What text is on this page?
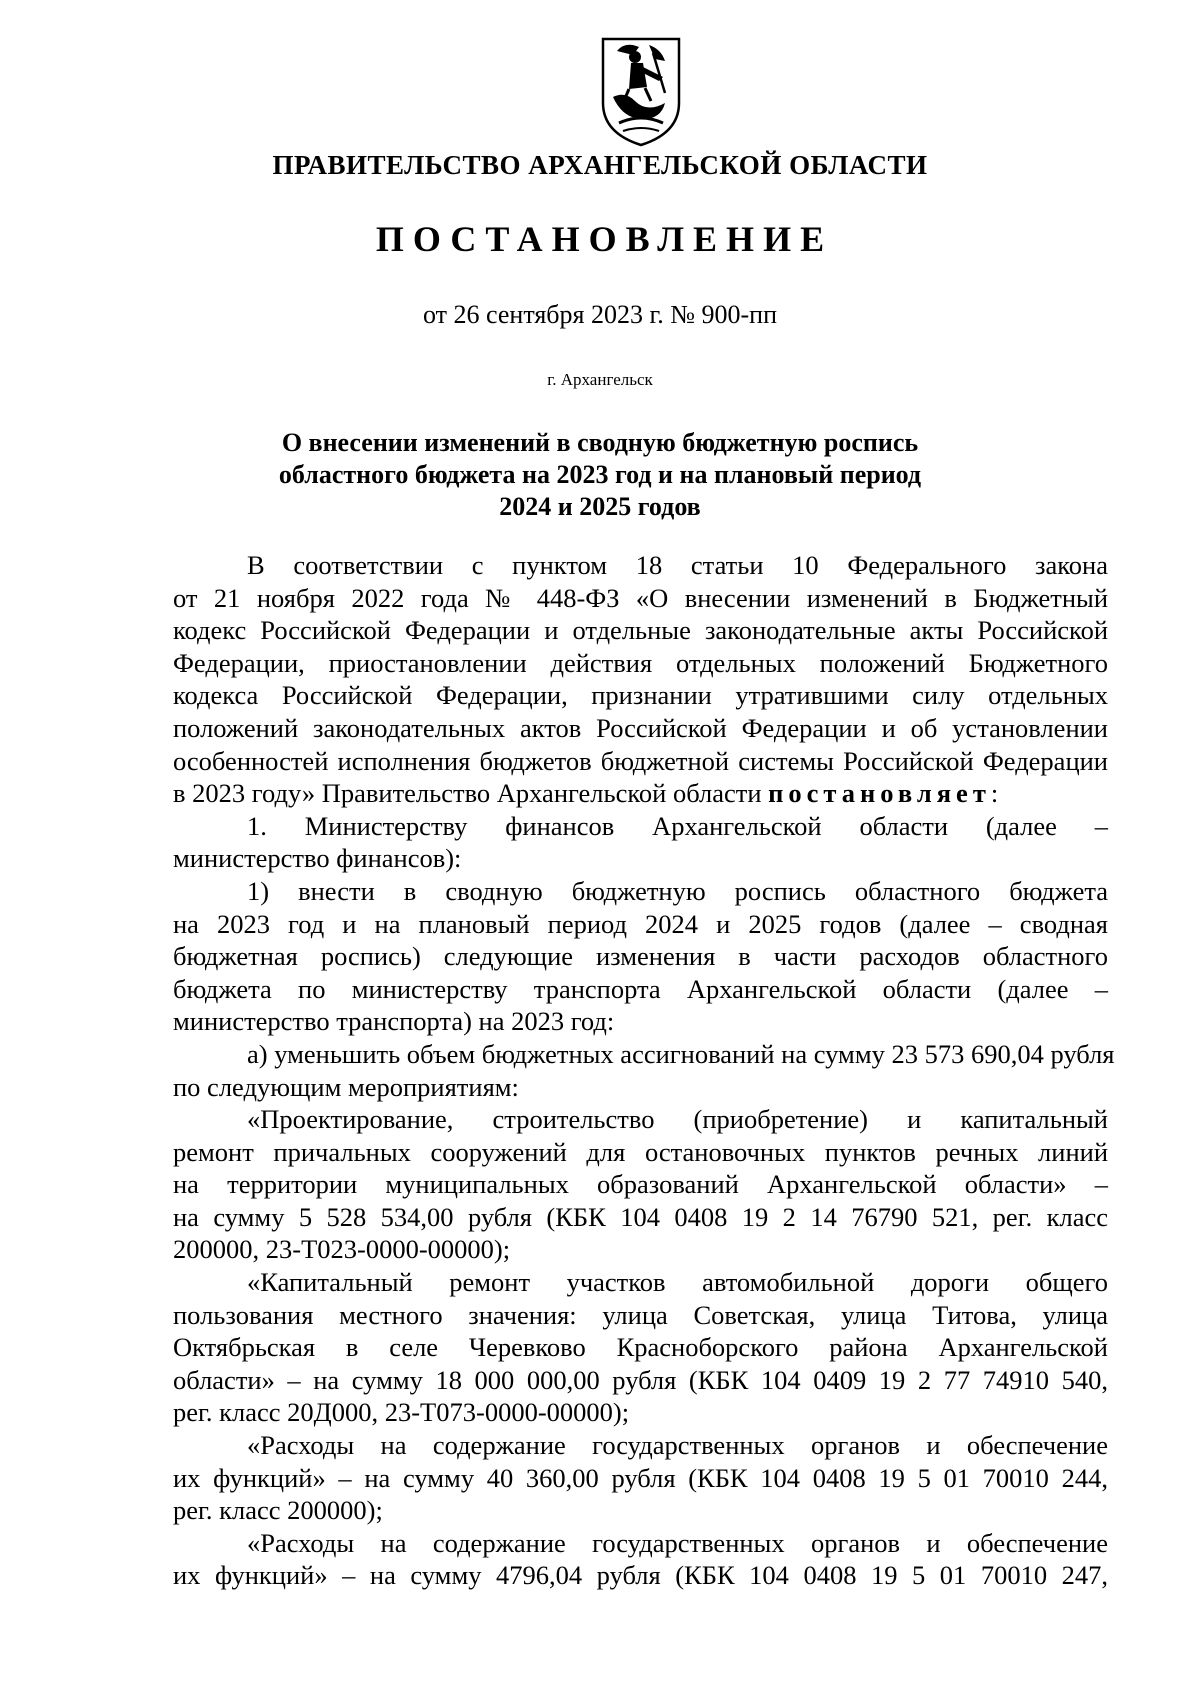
ПРАВИТЕЛЬСТВО АРХАНГЕЛЬСКОЙ ОБЛАСТИ
ПОСТАНОВЛЕНИЕ
от 26 сентября 2023 г. № 900-пп
г. Архангельск
О внесении изменений в сводную бюджетную роспись
областного бюджета на 2023 год и на плановый период
2024 и 2025 годов
В соответствии с пунктом 18 статьи 10 Федерального закона
от 21 ноября 2022 года № 448-ФЗ «О внесении изменений в Бюджетный
кодекс Российской Федерации и отдельные законодательные акты Российской
Федерации, приостановлении действия отдельных положений Бюджетного
кодекса Российской Федерации, признании утратившими силу отдельных
положений законодательных актов Российской Федерации и об установлении
особенностей исполнения бюджетов бюджетной системы Российской Федерации
в 2023 году» Правительство Архангельской области постановляет:
1. Министерству финансов Архангельской области (далее –
министерство финансов):
1) внести в сводную бюджетную роспись областного бюджета
на 2023 год и на плановый период 2024 и 2025 годов (далее – сводная
бюджетная роспись) следующие изменения в части расходов областного
бюджета по министерству транспорта Архангельской области (далее –
министерство транспорта) на 2023 год:
а) уменьшить объем бюджетных ассигнований на сумму 23 573 690,04 рубля
по следующим мероприятиям:
«Проектирование, строительство (приобретение) и капитальный
ремонт причальных сооружений для остановочных пунктов речных линий
на территории муниципальных образований Архангельской области» –
на сумму 5 528 534,00 рубля (КБК 104 0408 19 2 14 76790 521, рег. класс
200000, 23-Т023-0000-00000);
«Капитальный ремонт участков автомобильной дороги общего
пользования местного значения: улица Советская, улица Титова, улица
Октябрьская в селе Черевково Красноборского района Архангельской
области» – на сумму 18 000 000,00 рубля (КБК 104 0409 19 2 77 74910 540,
рег. класс 20Д000, 23-Т073-0000-00000);
«Расходы на содержание государственных органов и обеспечение
их функций» – на сумму 40 360,00 рубля (КБК 104 0408 19 5 01 70010 244,
рег. класс 200000);
«Расходы на содержание государственных органов и обеспечение
их функций» – на сумму 4796,04 рубля (КБК 104 0408 19 5 01 70010 247,
